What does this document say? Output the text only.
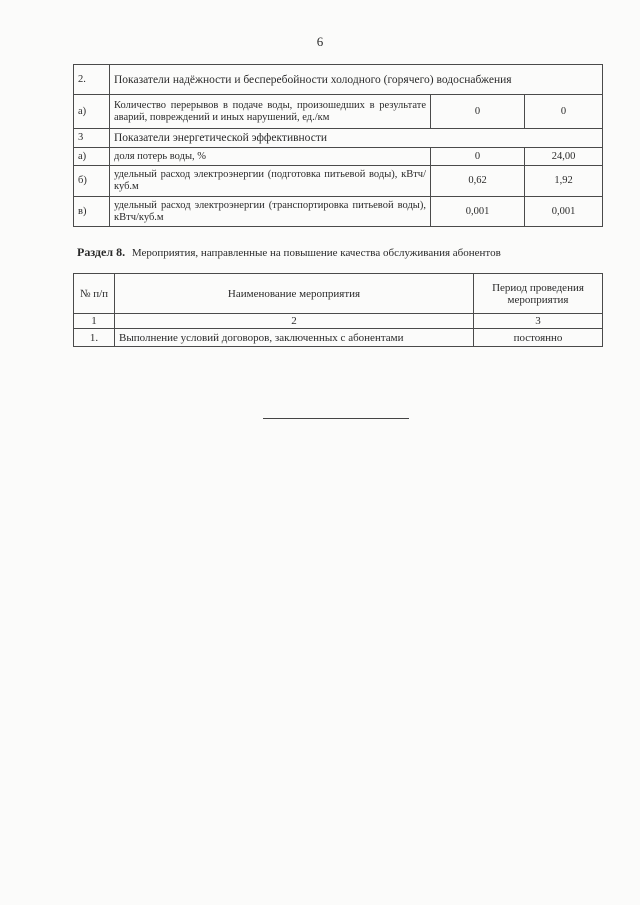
6
2.	Показатели надёжности и бесперебойности холодного (горячего) водоснабжения		
а)	Количество перерывов в подаче воды, произошедших в результате аварий, повреждений и иных нарушений, ед./км	0	0
3	Показатели энергетической эффективности		
а)	доля потерь воды, %	0	24,00
б)	удельный расход электроэнергии (подготовка питьевой воды), кВтч/куб.м	0,62	1,92
в)	удельный расход электроэнергии (транспортировка питьевой воды), кВтч/куб.м	0,001	0,001
Раздел 8. Мероприятия, направленные на повышение качества обслуживания абонентов
№ п/п	Наименование мероприятия	Период проведения мероприятия
1	2	3
1.	Выполнение условий договоров, заключенных с абонентами	постоянно
